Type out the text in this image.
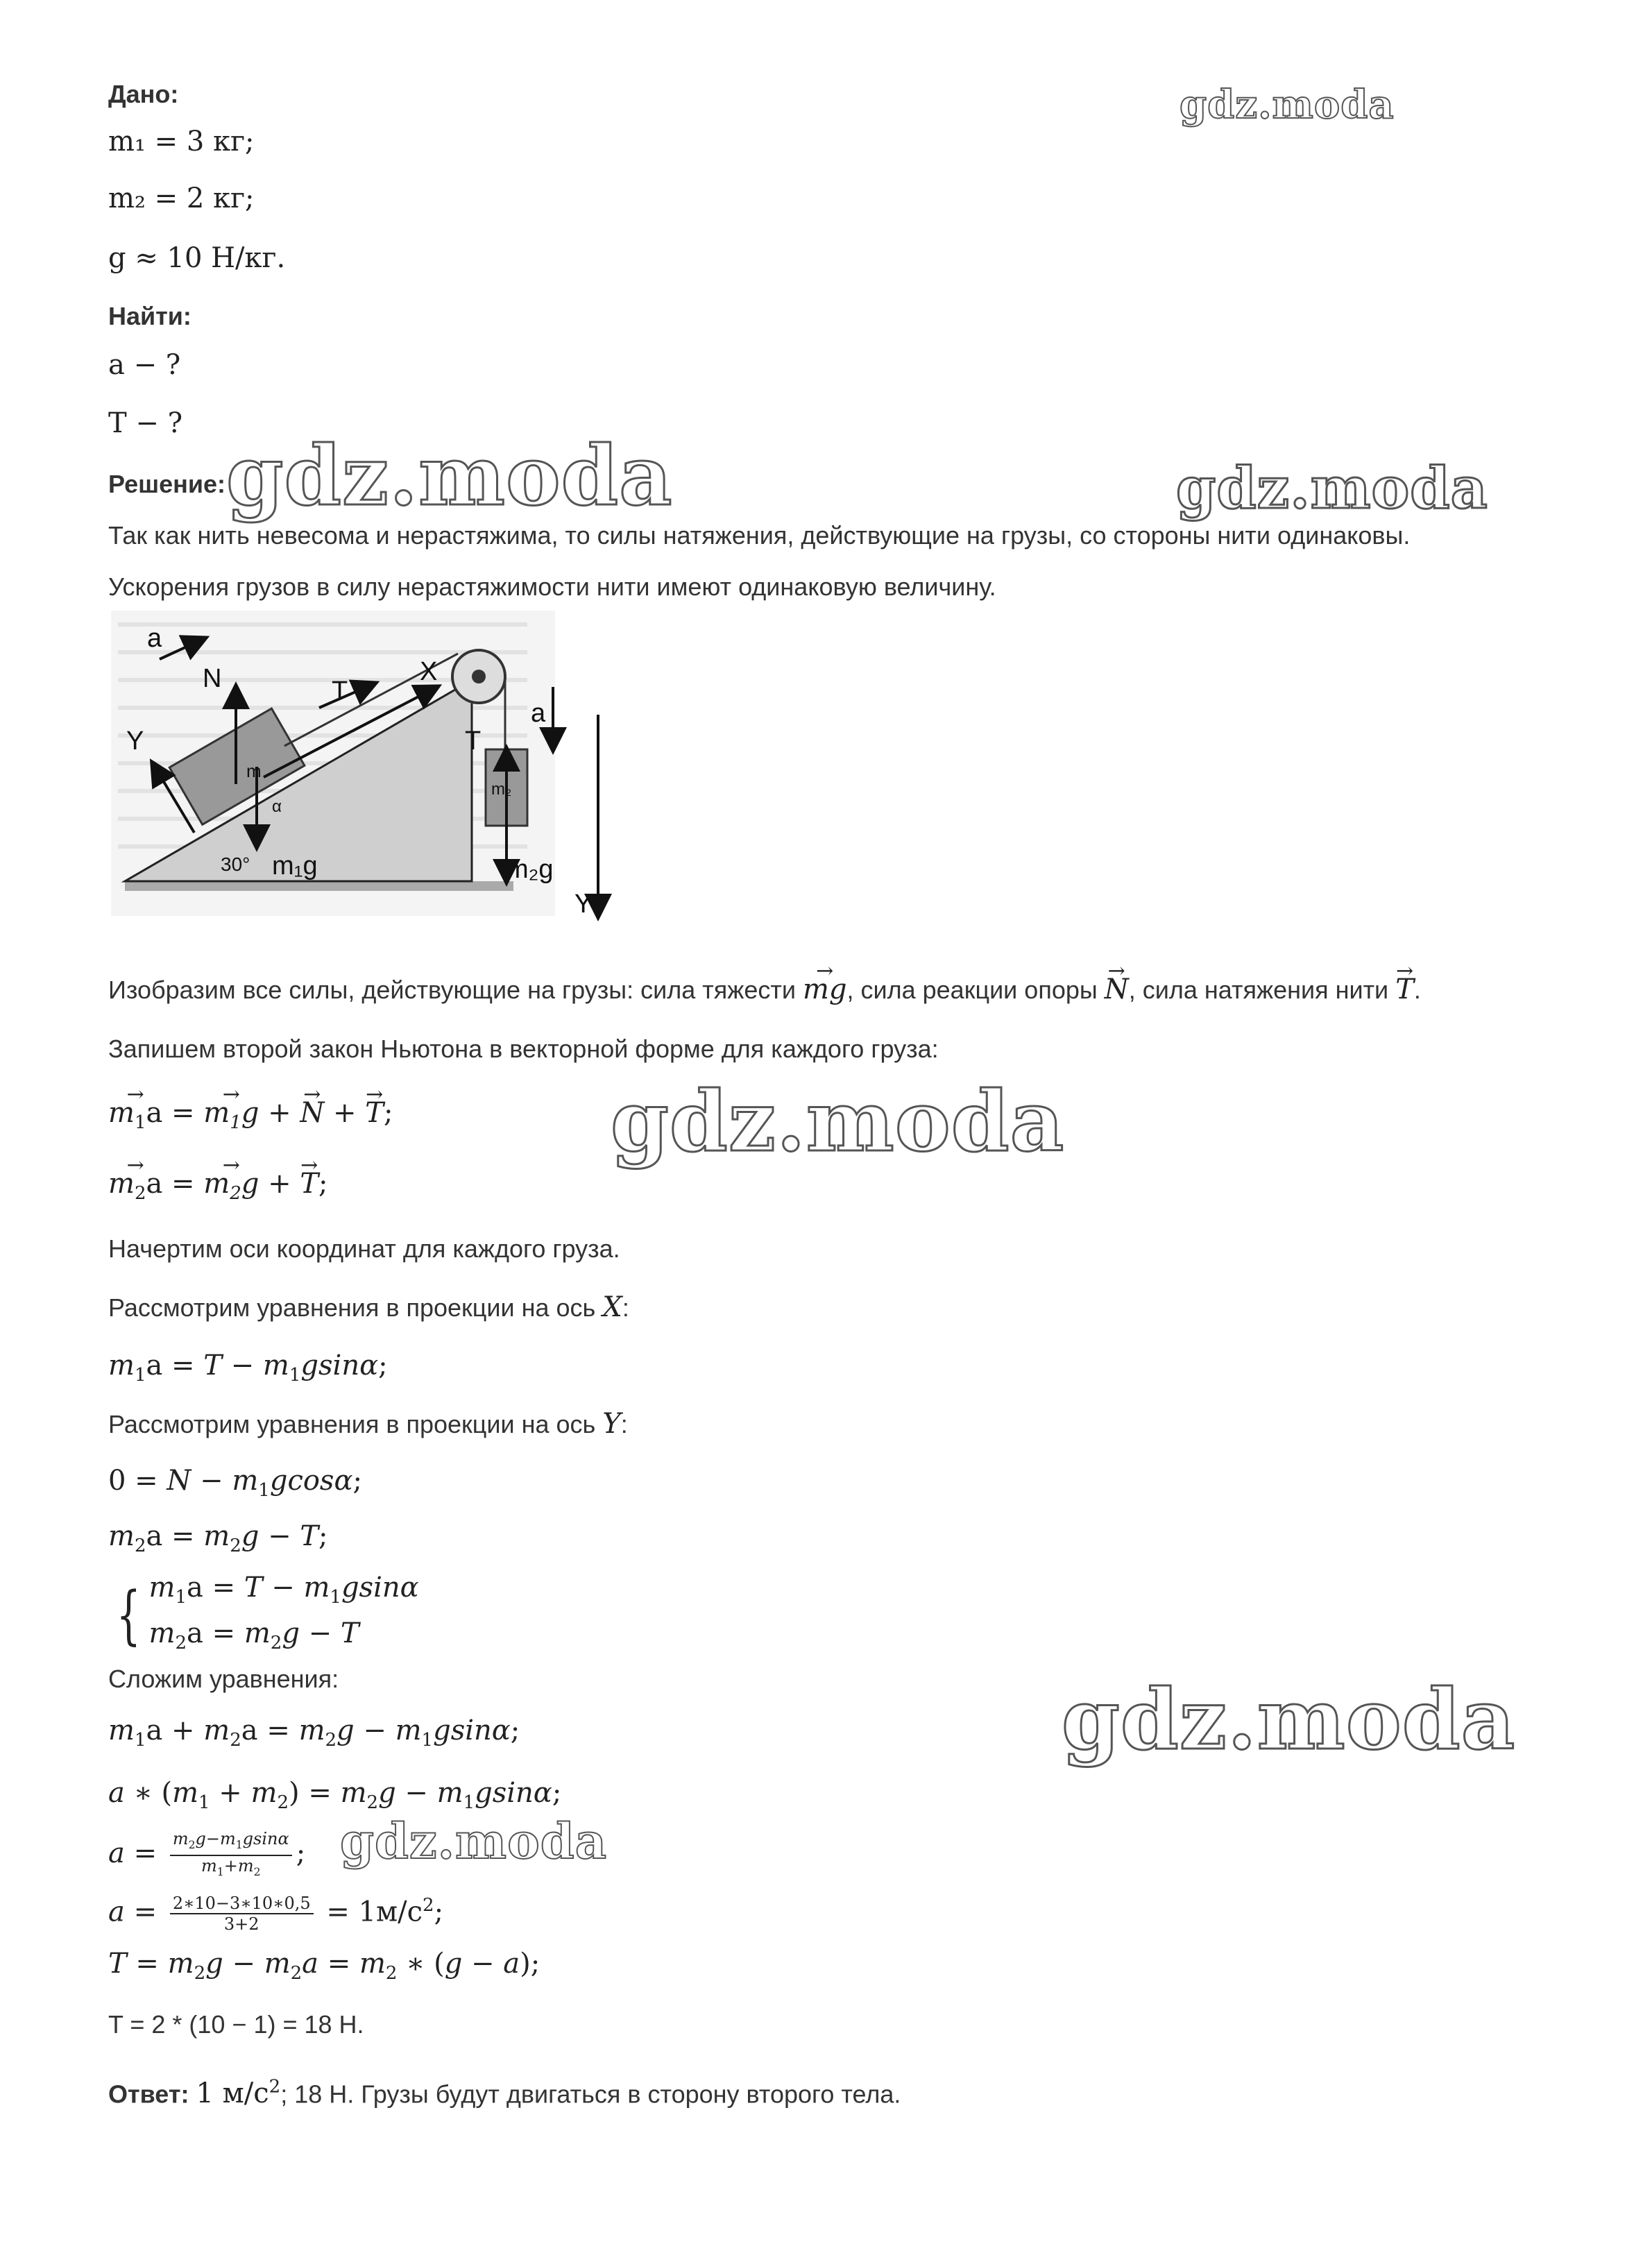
Дано:
m₁ = 3 кг;
m₂ = 2 кг;
g ≈ 10 Н/кг.
Найти:
a − ?
T − ?
Решение:
Так как нить невесома и нерастяжима, то силы натяжения, действующие на грузы, со стороны нити одинаковы.
Ускорения грузов в силу нерастяжимости нити имеют одинаковую величину.
a
N	T
X
Y
m
α
30° m₁g
T
a
m₂
m₂g
Y
Изобразим все силы, действующие на грузы: сила тяжести → mg, сила реакции опоры → N, сила натяжения нити → T.
Запишем второй закон Ньютона в векторной форме для каждого груза:
→ $m_1a$ = → $m_1g$ + → N + → T;
→ $m_2a$ = → $m_2g$ + → T;
Начертим оси координат для каждого груза.
Рассмотрим уравнения в проекции на ось X:
$m_1a = T - m_1gsin\alpha$;
Рассмотрим уравнения в проекции на ось Y:
$0 = N - m_1gcos\alpha$;
$m_2a = m_2g - T$;
{ $m_1a = T - m_1gsin\alpha$
$m_2a = m_2g - T$
Сложим уравнения:
$m_1a + m_2a = m_2g - m_1gsin\alpha$;
a ∗ $(m_1 + m_2) = m_2g - m_1gsin\alpha$;
$a = \frac{m_2g-m_1gsin\alpha}{m_1+m_2}$ ;
$a = \frac{2∗10-3∗10∗0,5}{3+2} = 1м/с^2$;
$T = m_2g - m_2a = m_2$ ∗ (g − a);
T = 2 * (10 − 1) = 18 Н.
Ответ: 1 $м/с^2$; 18 Н. Грузы будут двигаться в сторону второго тела.
gdz.moda
gdz.moda	gdz.moda
gdz.moda
gdz.moda
gdz.moda
